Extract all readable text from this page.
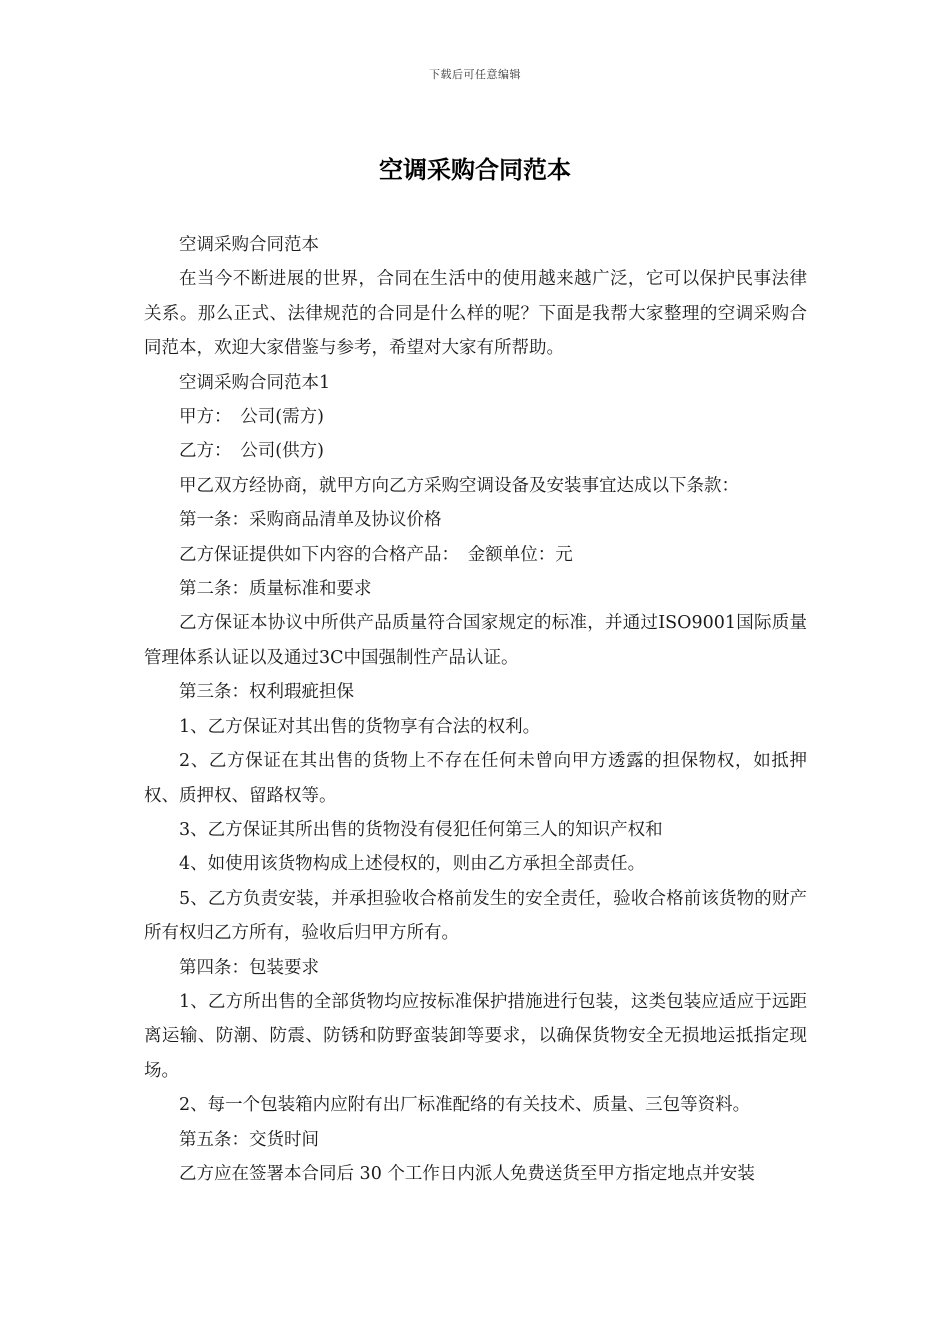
下载后可任意编辑
空调采购合同范本

空调采购合同范本

在当今不断进展的世界，合同在生活中的使用越来越广泛，它可以保护民事法律关系。那么正式、法律规范的合同是什么样的呢？下面是我帮大家整理的空调采购合同范本，欢迎大家借鉴与参考，希望对大家有所帮助。

空调采购合同范本1

甲方：　公司(需方)

乙方：　公司(供方)

甲乙双方经协商，就甲方向乙方采购空调设备及安装事宜达成以下条款：

第一条：采购商品清单及协议价格

乙方保证提供如下内容的合格产品：　金额单位：元

第二条：质量标准和要求

乙方保证本协议中所供产品质量符合国家规定的标准，并通过ISO9001国际质量管理体系认证以及通过3C中国强制性产品认证。

第三条：权利瑕疵担保

1、乙方保证对其出售的货物享有合法的权利。

2、乙方保证在其出售的货物上不存在任何未曾向甲方透露的担保物权，如抵押权、质押权、留路权等。

3、乙方保证其所出售的货物没有侵犯任何第三人的知识产权和

4、如使用该货物构成上述侵权的，则由乙方承担全部责任。

5、乙方负责安装，并承担验收合格前发生的安全责任，验收合格前该货物的财产所有权归乙方所有，验收后归甲方所有。

第四条：包装要求

1、乙方所出售的全部货物均应按标准保护措施进行包装，这类包装应适应于远距离运输、防潮、防震、防锈和防野蛮装卸等要求，以确保货物安全无损地运抵指定现场。

2、每一个包装箱内应附有出厂标准配络的有关技术、质量、三包等资料。

第五条：交货时间

乙方应在签署本合同后 30 个工作日内派人免费送货至甲方指定地点并安装
